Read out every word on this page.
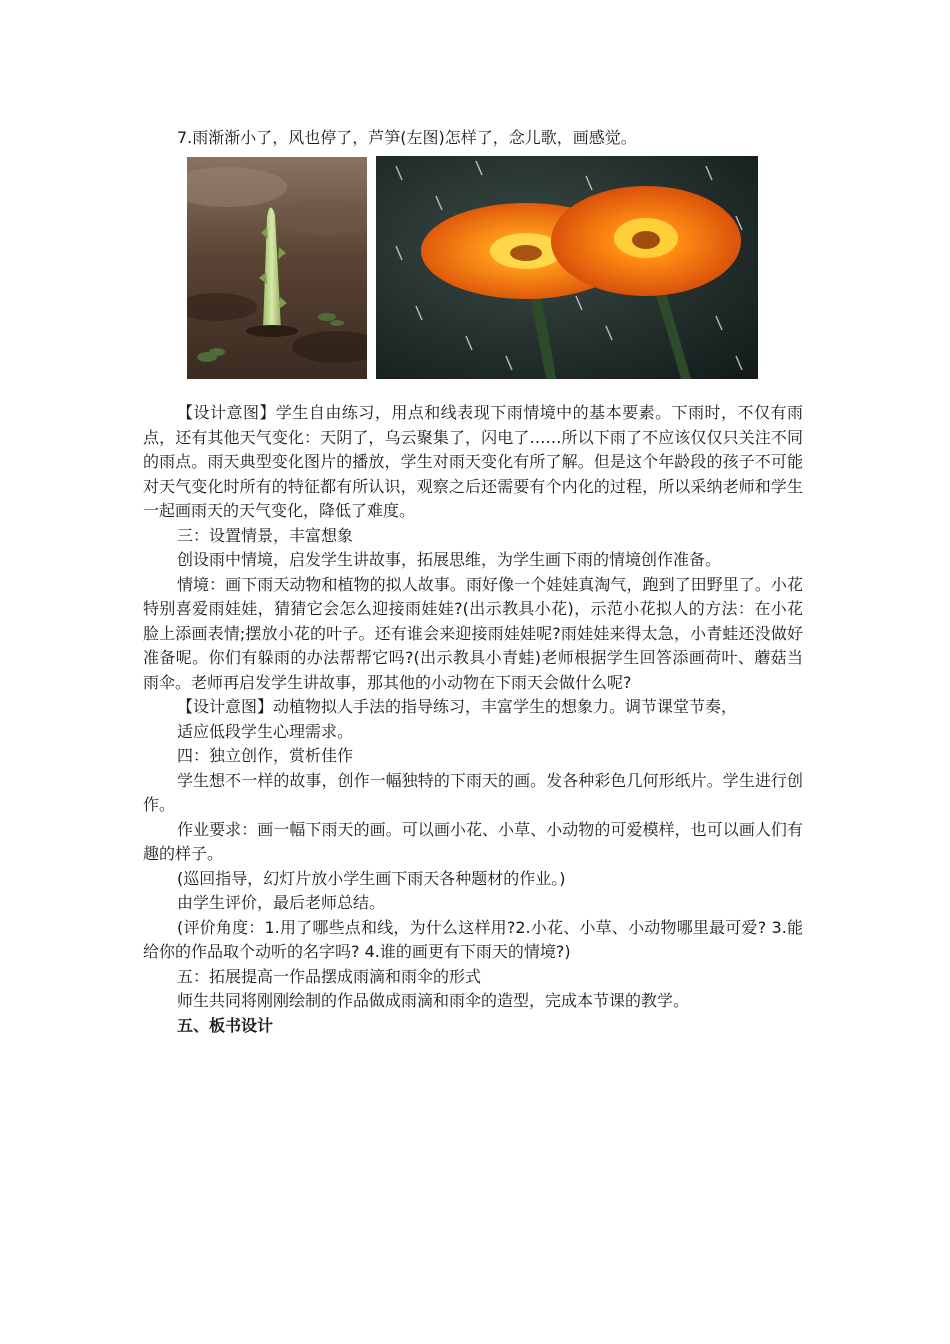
7.雨渐渐小了，风也停了，芦笋(左图)怎样了，念儿歌，画感觉。

【设计意图】学生自由练习，用点和线表现下雨情境中的基本要素。下雨时，不仅有雨点，还有其他天气变化：天阴了，乌云聚集了，闪电了……所以下雨了不应该仅仅只关注不同的雨点。雨天典型变化图片的播放，学生对雨天变化有所了解。但是这个年龄段的孩子不可能对天气变化时所有的特征都有所认识，观察之后还需要有个内化的过程，所以采纳老师和学生一起画雨天的天气变化，降低了难度。

三：设置情景，丰富想象

创设雨中情境，启发学生讲故事，拓展思维，为学生画下雨的情境创作准备。

情境：画下雨天动物和植物的拟人故事。雨好像一个娃娃真淘气，跑到了田野里了。小花特别喜爱雨娃娃，猜猜它会怎么迎接雨娃娃?(出示教具小花)，示范小花拟人的方法：在小花脸上添画表情;摆放小花的叶子。还有谁会来迎接雨娃娃呢?雨娃娃来得太急，小青蛙还没做好准备呢。你们有躲雨的办法帮帮它吗?(出示教具小青蛙)老师根据学生回答添画荷叶、蘑菇当雨伞。老师再启发学生讲故事，那其他的小动物在下雨天会做什么呢?

【设计意图】动植物拟人手法的指导练习，丰富学生的想象力。调节课堂节奏，

适应低段学生心理需求。

四：独立创作，赏析佳作

学生想不一样的故事，创作一幅独特的下雨天的画。发各种彩色几何形纸片。学生进行创作。

作业要求：画一幅下雨天的画。可以画小花、小草、小动物的可爱模样，也可以画人们有趣的样子。

(巡回指导，幻灯片放小学生画下雨天各种题材的作业。)

由学生评价，最后老师总结。

(评价角度：1.用了哪些点和线，为什么这样用?2.小花、小草、小动物哪里最可爱? 3.能给你的作品取个动听的名字吗? 4.谁的画更有下雨天的情境?)

五：拓展提高一作品摆成雨滴和雨伞的形式

师生共同将刚刚绘制的作品做成雨滴和雨伞的造型，完成本节课的教学。

五、板书设计
